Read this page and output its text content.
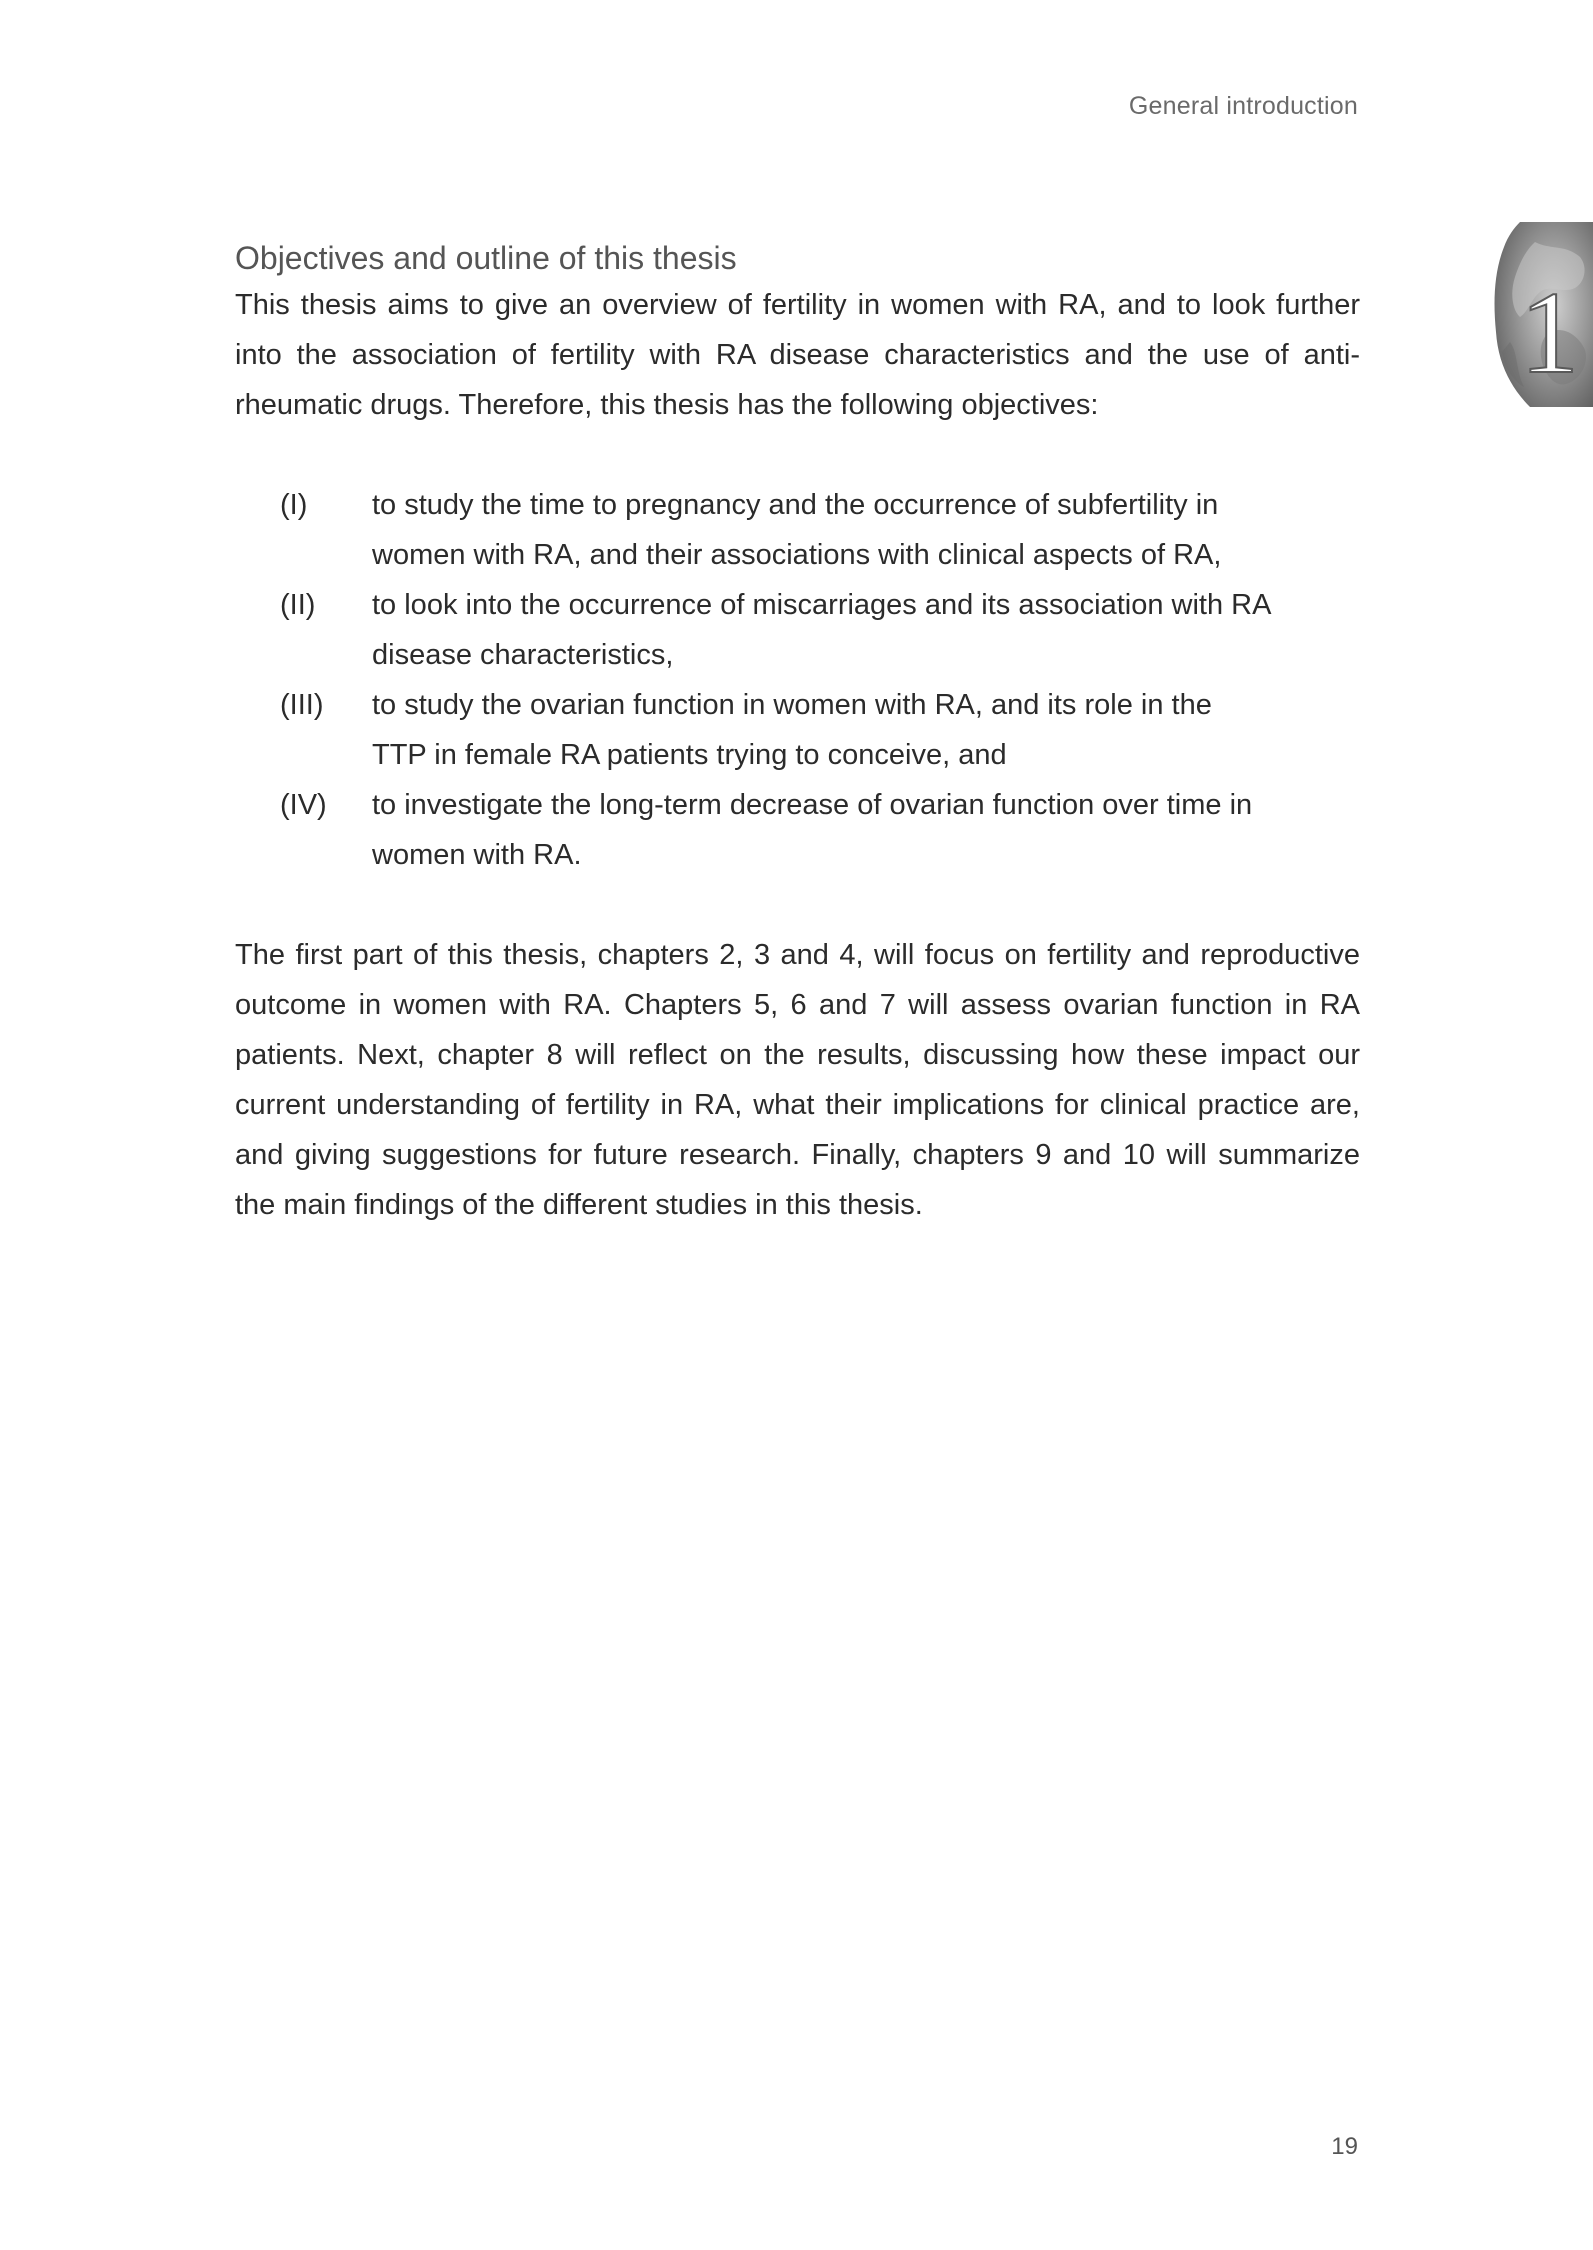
General introduction
1
Objectives and outline of this thesis

This thesis aims to give an overview of fertility in women with RA, and to look further into the association of fertility with RA disease characteristics and the use of anti-rheumatic drugs. Therefore, this thesis has the following objectives:

(I)	to study the time to pregnancy and the occurrence of subfertility in women with RA, and their associations with clinical aspects of RA,
(II)	to look into the occurrence of miscarriages and its association with RA disease characteristics,
(III)	to study the ovarian function in women with RA, and its role in the TTP in female RA patients trying to conceive, and
(IV)	to investigate the long-term decrease of ovarian function over time in women with RA.

The first part of this thesis, chapters 2, 3 and 4, will focus on fertility and reproductive outcome in women with RA. Chapters 5, 6 and 7 will assess ovarian function in RA patients. Next, chapter 8 will reflect on the results, discussing how these impact our current understanding of fertility in RA, what their implications for clinical practice are, and giving suggestions for future research. Finally, chapters 9 and 10 will summarize the main findings of the different studies in this thesis.

19
